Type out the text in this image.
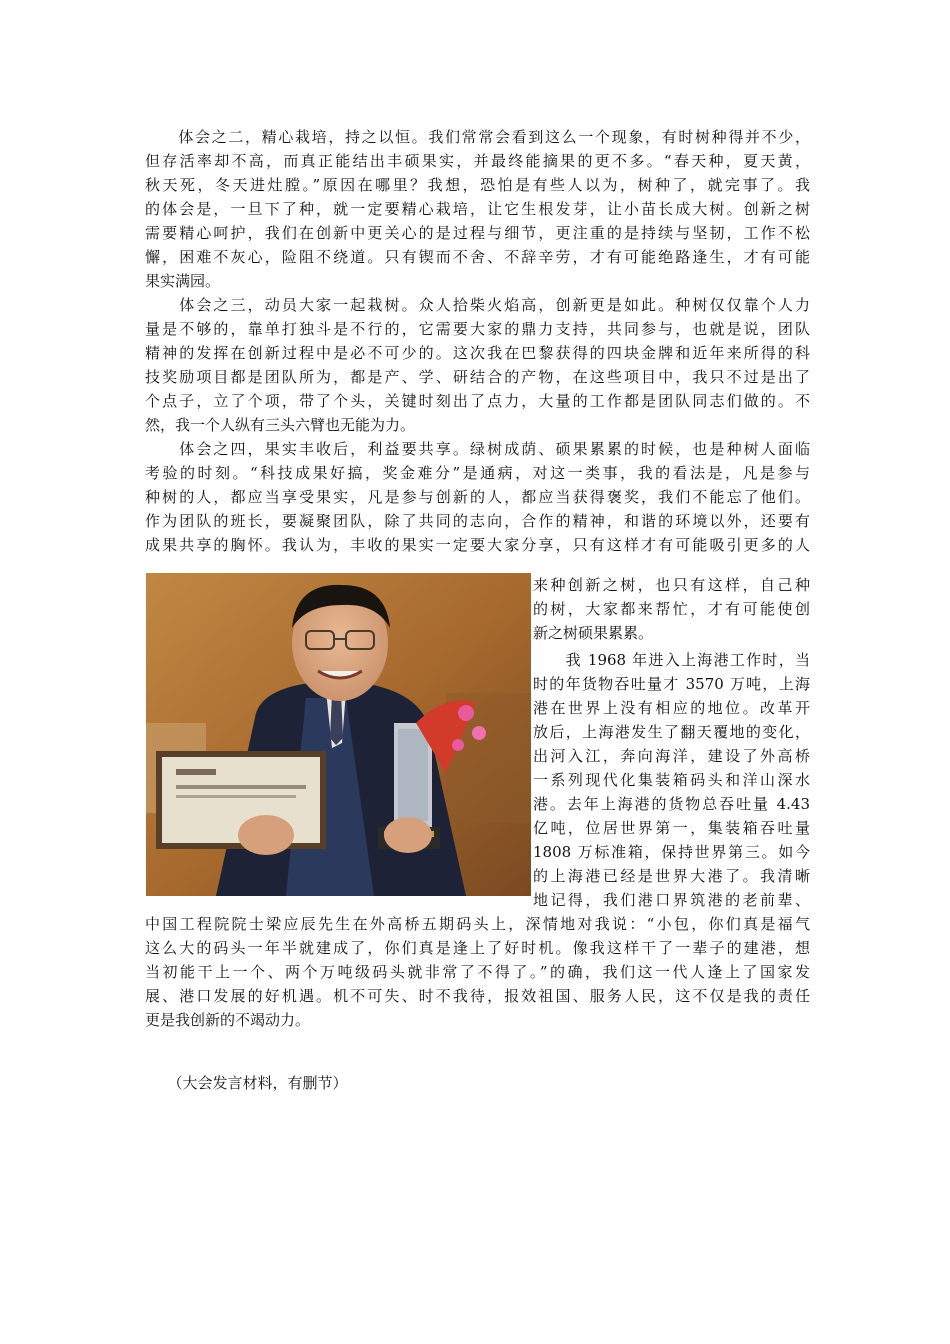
　　体会之二，精心栽培，持之以恒。我们常常会看到这么一个现象，有时树种得并不少，
但存活率却不高，而真正能结出丰硕果实，并最终能摘果的更不多。“春天种，夏天黄，
秋天死，冬天进灶膛。”原因在哪里？我想，恐怕是有些人以为，树种了，就完事了。我
的体会是，一旦下了种，就一定要精心栽培，让它生根发芽，让小苗长成大树。创新之树
需要精心呵护，我们在创新中更关心的是过程与细节，更注重的是持续与坚韧，工作不松
懈，困难不灰心，险阻不绕道。只有锲而不舍、不辞辛劳，才有可能绝路逢生，才有可能
果实满园。
　　体会之三，动员大家一起栽树。众人拾柴火焰高，创新更是如此。种树仅仅靠个人力
量是不够的，靠单打独斗是不行的，它需要大家的鼎力支持，共同参与，也就是说，团队
精神的发挥在创新过程中是必不可少的。这次我在巴黎获得的四块金牌和近年来所得的科
技奖励项目都是团队所为，都是产、学、研结合的产物，在这些项目中，我只不过是出了
个点子，立了个项，带了个头，关键时刻出了点力，大量的工作都是团队同志们做的。不
然，我一个人纵有三头六臂也无能为力。
　　体会之四，果实丰收后，利益要共享。绿树成荫、硕果累累的时候，也是种树人面临
考验的时刻。“科技成果好搞，奖金难分”是通病，对这一类事，我的看法是，凡是参与
种树的人，都应当享受果实，凡是参与创新的人，都应当获得褒奖，我们不能忘了他们。
作为团队的班长，要凝聚团队，除了共同的志向，合作的精神，和谐的环境以外，还要有
成果共享的胸怀。我认为，丰收的果实一定要大家分享，只有这样才有可能吸引更多的人
来种创新之树，也只有这样，自己种
的树，大家都来帮忙，才有可能使创
新之树硕果累累。
　　我 1968 年进入上海港工作时，当
时的年货物吞吐量才 3570 万吨，上海
港在世界上没有相应的地位。改革开
放后，上海港发生了翻天覆地的变化，
出河入江，奔向海洋，建设了外高桥
一系列现代化集装箱码头和洋山深水
港。去年上海港的货物总吞吐量 4.43
亿吨，位居世界第一，集装箱吞吐量
1808 万标准箱，保持世界第三。如今
的上海港已经是世界大港了。我清晰
地记得，我们港口界筑港的老前辈、
中国工程院院士梁应辰先生在外高桥五期码头上，深情地对我说：“小包，你们真是福气
这么大的码头一年半就建成了，你们真是逢上了好时机。像我这样干了一辈子的建港，想
当初能干上一个、两个万吨级码头就非常了不得了。”的确，我们这一代人逢上了国家发
展、港口发展的好机遇。机不可失、时不我待，报效祖国、服务人民，这不仅是我的责任
更是我创新的不竭动力。
　　（大会发言材料，有删节）
